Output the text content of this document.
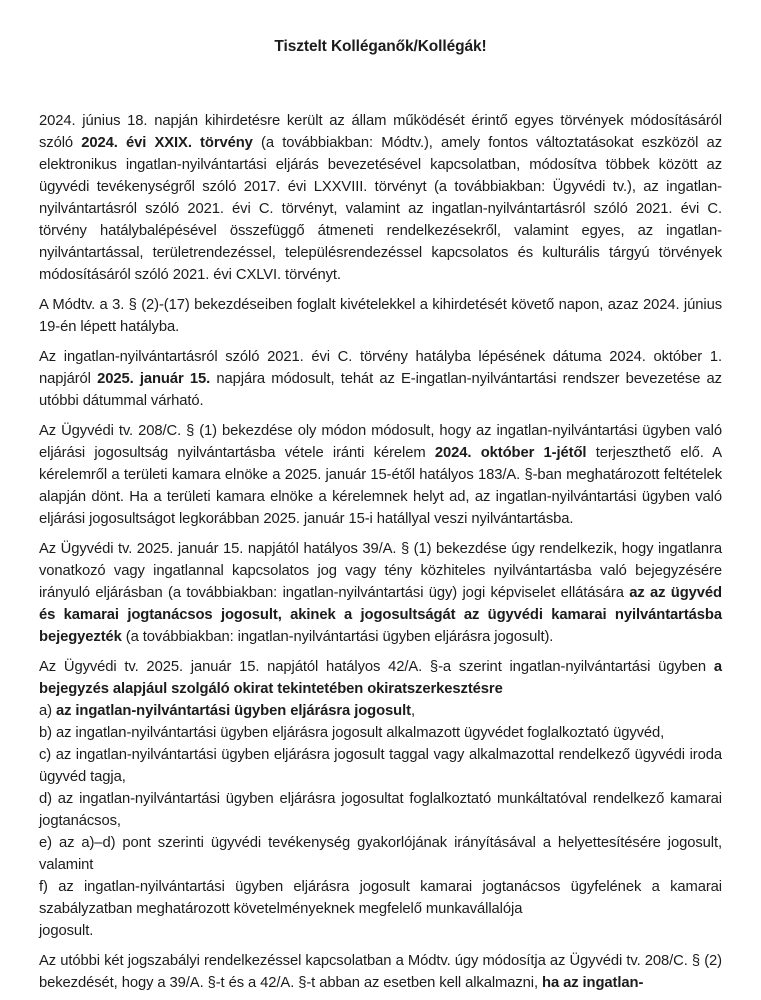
Tisztelt Kolléganők/Kollégák!

2024. június 18. napján kihirdetésre került az állam működését érintő egyes törvények módosításáról szóló 2024. évi XXIX. törvény (a továbbiakban: Módtv.), amely fontos változtatásokat eszközöl az elektronikus ingatlan-nyilvántartási eljárás bevezetésével kapcsolatban, módosítva többek között az ügyvédi tevékenységről szóló 2017. évi LXXVIII. törvényt (a továbbiakban: Ügyvédi tv.), az ingatlan-nyilvántartásról szóló 2021. évi C. törvényt, valamint az ingatlan-nyilvántartásról szóló 2021. évi C. törvény hatálybalépésével összefüggő átmeneti rendelkezésekről, valamint egyes, az ingatlan-nyilvántartással, területrendezéssel, településrendezéssel kapcsolatos és kulturális tárgyú törvények módosításáról szóló 2021. évi CXLVI. törvényt.

A Módtv. a 3. § (2)-(17) bekezdéseiben foglalt kivételekkel a kihirdetését követő napon, azaz 2024. június 19-én lépett hatályba.

Az ingatlan-nyilvántartásról szóló 2021. évi C. törvény hatályba lépésének dátuma 2024. október 1. napjáról 2025. január 15. napjára módosult, tehát az E-ingatlan-nyilvántartási rendszer bevezetése az utóbbi dátummal várható.

Az Ügyvédi tv. 208/C. § (1) bekezdése oly módon módosult, hogy az ingatlan-nyilvántartási ügyben való eljárási jogosultság nyilvántartásba vétele iránti kérelem 2024. október 1-jétől terjeszthető elő. A kérelemről a területi kamara elnöke a 2025. január 15-étől hatályos 183/A. §-ban meghatározott feltételek alapján dönt. Ha a területi kamara elnöke a kérelemnek helyt ad, az ingatlan-nyilvántartási ügyben való eljárási jogosultságot legkorábban 2025. január 15-i hatállyal veszi nyilvántartásba.

Az Ügyvédi tv. 2025. január 15. napjától hatályos 39/A. § (1) bekezdése úgy rendelkezik, hogy ingatlanra vonatkozó vagy ingatlannal kapcsolatos jog vagy tény közhiteles nyilvántartásba való bejegyzésére irányuló eljárásban (a továbbiakban: ingatlan-nyilvántartási ügy) jogi képviselet ellátására az az ügyvéd és kamarai jogtanácsos jogosult, akinek a jogosultságát az ügyvédi kamarai nyilvántartásba bejegyezték (a továbbiakban: ingatlan-nyilvántartási ügyben eljárásra jogosult).

Az Ügyvédi tv. 2025. január 15. napjától hatályos 42/A. §-a szerint ingatlan-nyilvántartási ügyben a bejegyzés alapjául szolgáló okirat tekintetében okiratszerkesztésre

a) az ingatlan-nyilvántartási ügyben eljárásra jogosult,

b) az ingatlan-nyilvántartási ügyben eljárásra jogosult alkalmazott ügyvédet foglalkoztató ügyvéd,

c) az ingatlan-nyilvántartási ügyben eljárásra jogosult taggal vagy alkalmazottal rendelkező ügyvédi iroda ügyvéd tagja,

d) az ingatlan-nyilvántartási ügyben eljárásra jogosultat foglalkoztató munkáltatóval rendelkező kamarai jogtanácsos,

e) az a)–d) pont szerinti ügyvédi tevékenység gyakorlójának irányításával a helyettesítésére jogosult, valamint

f) az ingatlan-nyilvántartási ügyben eljárásra jogosult kamarai jogtanácsos ügyfelének a kamarai szabályzatban meghatározott követelményeknek megfelelő munkavállalója

jogosult.

Az utóbbi két jogszabályi rendelkezéssel kapcsolatban a Módtv. úgy módosítja az Ügyvédi tv. 208/C. § (2) bekezdését, hogy a 39/A. §-t és a 42/A. §-t abban az esetben kell alkalmazni, ha az ingatlan-
